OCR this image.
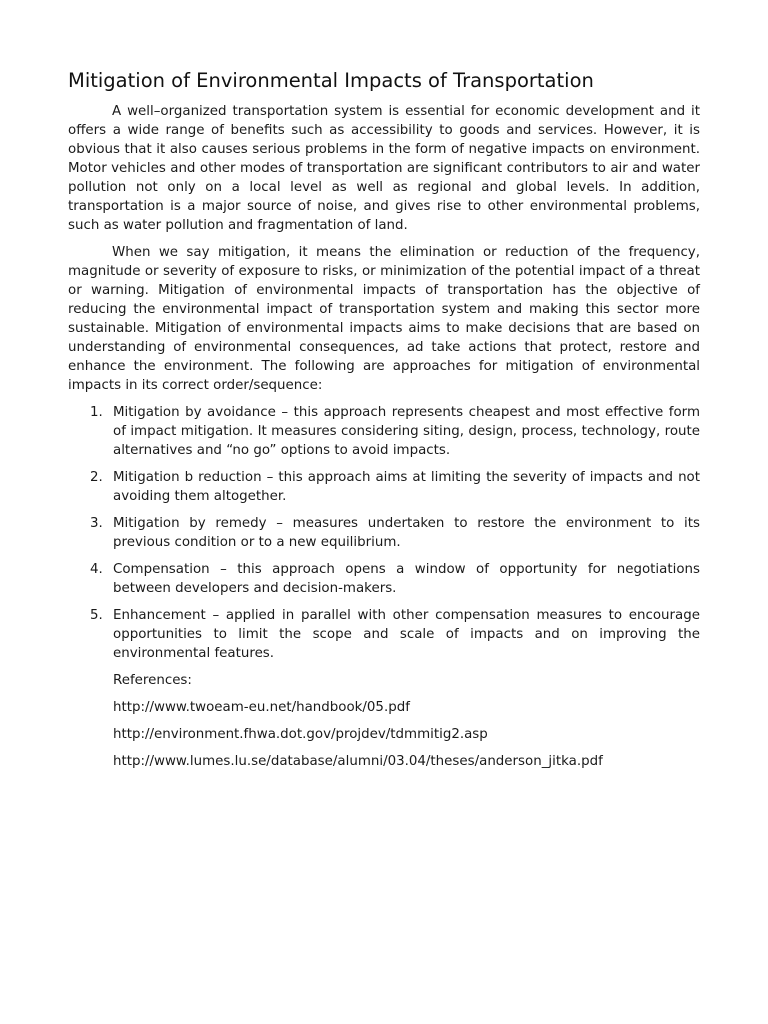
Mitigation of Environmental Impacts of Transportation

A well–organized transportation system is essential for economic development and it offers a wide range of benefits such as accessibility to goods and services. However, it is obvious that it also causes serious problems in the form of negative impacts on environment. Motor vehicles and other modes of transportation are significant contributors to air and water pollution not only on a local level as well as regional and global levels. In addition, transportation is a major source of noise, and gives rise to other environmental problems, such as water pollution and fragmentation of land.

When we say mitigation, it means the elimination or reduction of the frequency, magnitude or severity of exposure to risks, or minimization of the potential impact of a threat or warning. Mitigation of environmental impacts of transportation has the objective of reducing the environmental impact of transportation system and making this sector more sustainable. Mitigation of environmental impacts aims to make decisions that are based on understanding of environmental consequences, ad take actions that protect, restore and enhance the environment. The following are approaches for mitigation of environmental impacts in its correct order/sequence:

1. Mitigation by avoidance – this approach represents cheapest and most effective form of impact mitigation. It measures considering siting, design, process, technology, route alternatives and “no go” options to avoid impacts.
2. Mitigation b reduction – this approach aims at limiting the severity of impacts and not avoiding them altogether.
3. Mitigation by remedy – measures undertaken to restore the environment to its previous condition or to a new equilibrium.
4. Compensation – this approach opens a window of opportunity for negotiations between developers and decision-makers.
5. Enhancement – applied in parallel with other compensation measures to encourage opportunities to limit the scope and scale of impacts and on improving the environmental features.
References:
http://www.twoeam-eu.net/handbook/05.pdf
http://environment.fhwa.dot.gov/projdev/tdmmitig2.asp
http://www.lumes.lu.se/database/alumni/03.04/theses/anderson_jitka.pdf
